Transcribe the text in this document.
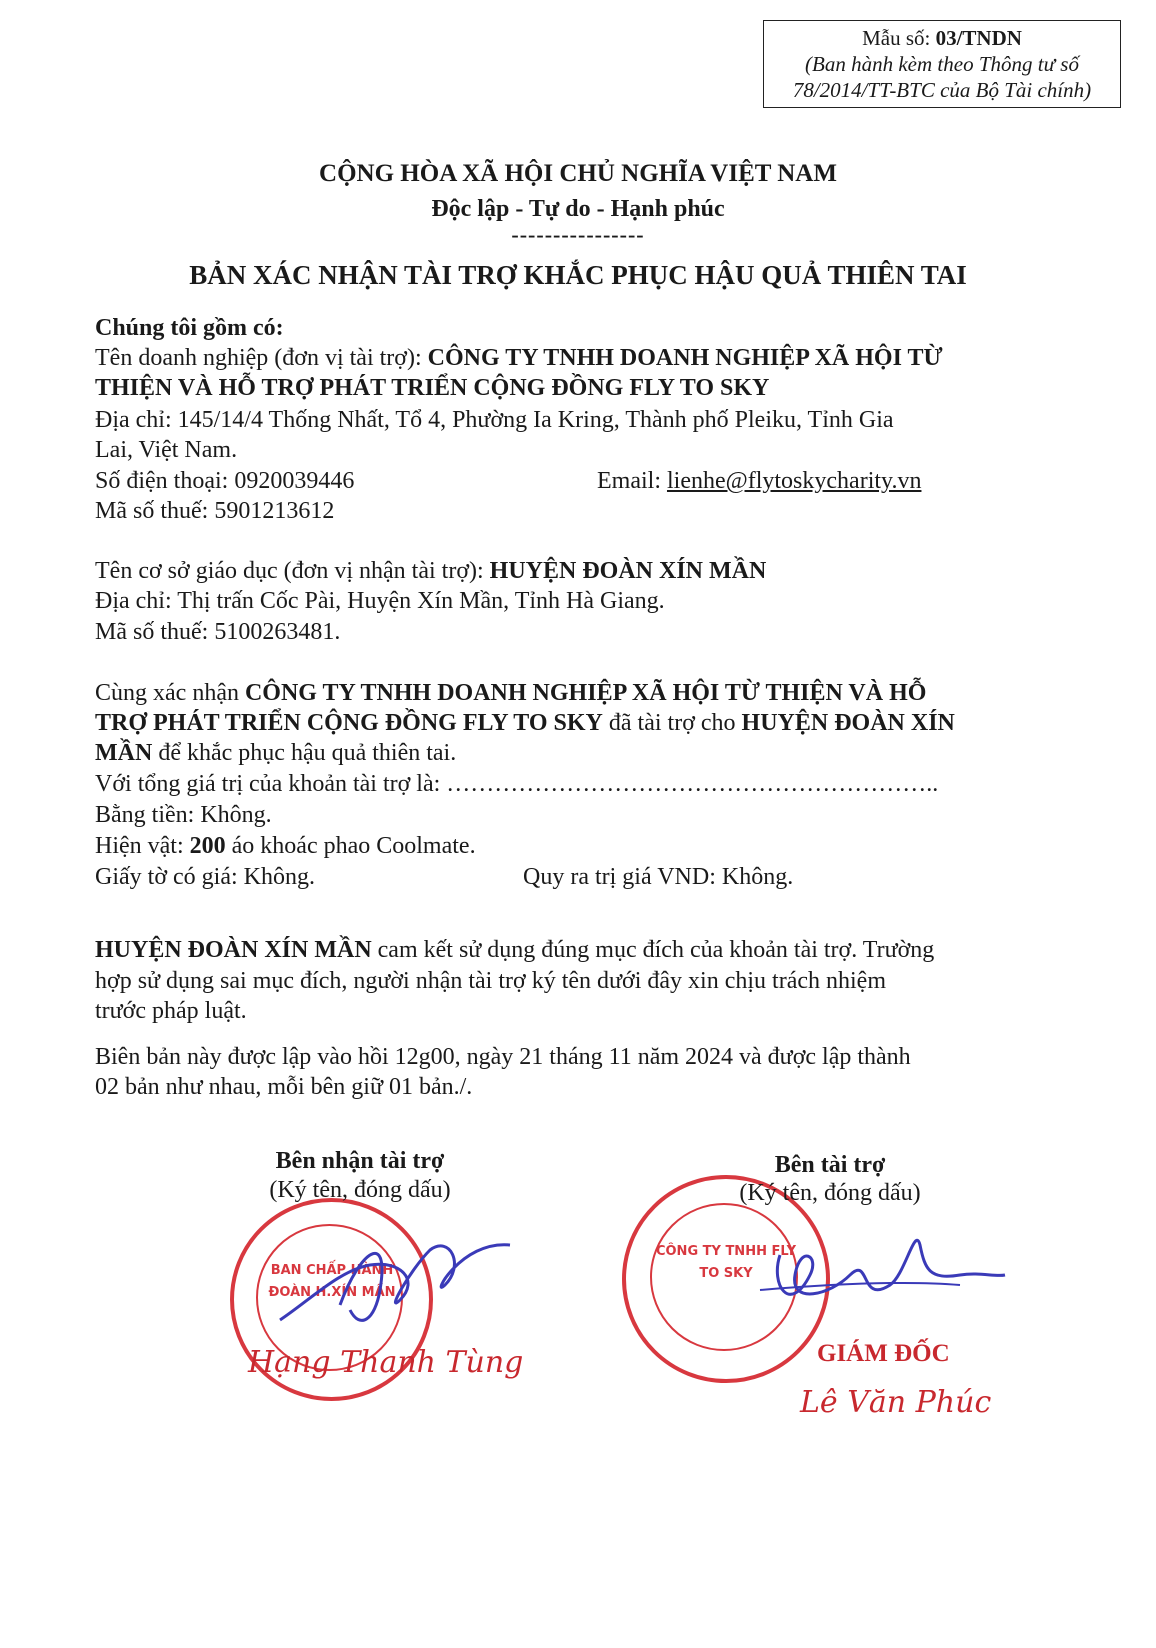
Mẫu số: 03/TNDN
(Ban hành kèm theo Thông tư số
78/2014/TT-BTC của Bộ Tài chính)
CỘNG HÒA XÃ HỘI CHỦ NGHĨA VIỆT NAM
Độc lập - Tự do - Hạnh phúc
----------------
BẢN XÁC NHẬN TÀI TRỢ KHẮC PHỤC HẬU QUẢ THIÊN TAI
Chúng tôi gồm có:
Tên doanh nghiệp (đơn vị tài trợ): CÔNG TY TNHH DOANH NGHIỆP XÃ HỘI TỪ
THIỆN VÀ HỖ TRỢ PHÁT TRIỂN CỘNG ĐỒNG FLY TO SKY
Địa chỉ: 145/14/4 Thống Nhất, Tổ 4, Phường Ia Kring, Thành phố Pleiku, Tỉnh Gia
Lai, Việt Nam.
Số điện thoại: 0920039446	Email: lienhe@flytoskycharity.vn
Mã số thuế: 5901213612
Tên cơ sở giáo dục (đơn vị nhận tài trợ): HUYỆN ĐOÀN XÍN MẦN
Địa chỉ: Thị trấn Cốc Pài, Huyện Xín Mần, Tỉnh Hà Giang.
Mã số thuế: 5100263481.
Cùng xác nhận CÔNG TY TNHH DOANH NGHIỆP XÃ HỘI TỪ THIỆN VÀ HỖ
TRỢ PHÁT TRIỂN CỘNG ĐỒNG FLY TO SKY đã tài trợ cho HUYỆN ĐOÀN XÍN
MẦN để khắc phục hậu quả thiên tai.
Với tổng giá trị của khoản tài trợ là: ……………………………………………………..
Bằng tiền: Không.
Hiện vật: 200 áo khoác phao Coolmate.
Giấy tờ có giá: Không.	Quy ra trị giá VND: Không.
HUYỆN ĐOÀN XÍN MẦN cam kết sử dụng đúng mục đích của khoản tài trợ. Trường
hợp sử dụng sai mục đích, người nhận tài trợ ký tên dưới đây xin chịu trách nhiệm
trước pháp luật.
Biên bản này được lập vào hồi 12g00, ngày 21 tháng 11 năm 2024 và được lập thành
02 bản như nhau, mỗi bên giữ 01 bản./.
BAN CHẤP HÀNH ĐOÀN H.XÍN MẦN
CÔNG TY TNHH FLY TO SKY
Bên nhận tài trợ
(Ký tên, đóng dấu)
Bên tài trợ
(Ký tên, đóng dấu)
Hạng Thanh Tùng	GIÁM ĐỐC
Lê Văn Phúc
